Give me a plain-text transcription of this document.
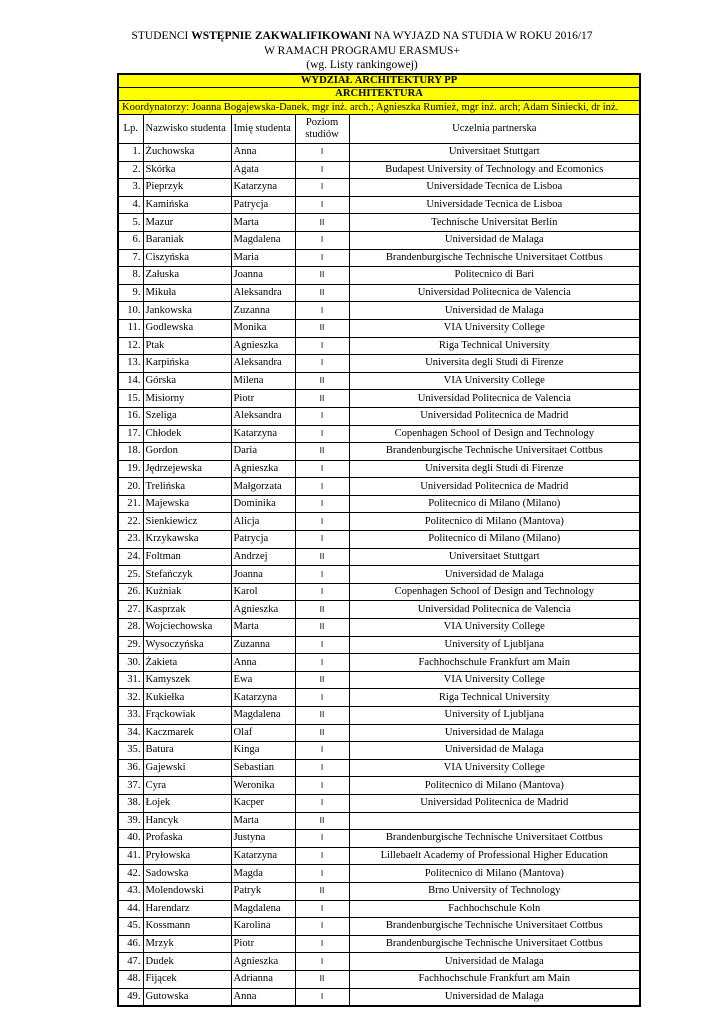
STUDENCI WSTĘPNIE ZAKWALIFIKOWANI NA WYJAZD NA STUDIA W ROKU 2016/17
W RAMACH PROGRAMU ERASMUS+
(wg. Listy rankingowej)
WYDZIAŁ ARCHITEKTURY PP				
ARCHITEKTURA				
Koordynatorzy: Joanna Bogajewska-Danek, mgr inż. arch.; Agnieszka Rumież, mgr inż. arch; Adam Siniecki, dr inż.				
Lp.	Nazwisko studenta	Imię studenta	Poziom studiów	Uczelnia partnerska
1.	Żuchowska	Anna	I	Universitaet Stuttgart
2.	Skórka	Agata	I	Budapest University of Technology and Ecomonics
3.	Pieprzyk	Katarzyna	I	Universidade Tecnica de Lisboa
4.	Kamińska	Patrycja	I	Universidade Tecnica de Lisboa
5.	Mazur	Marta	II	Technische Universitat Berlin
6.	Baraniak	Magdalena	I	Universidad de Malaga
7.	Ciszyńska	Maria	I	Brandenburgische Technische Universitaet Cottbus
8.	Załuska	Joanna	II	Politecnico di Bari
9.	Mikuła	Aleksandra	II	Universidad Politecnica de Valencia
10.	Jankowska	Zuzanna	I	Universidad de Malaga
11.	Godlewska	Monika	II	VIA University College
12.	Ptak	Agnieszka	I	Riga Technical University
13.	Karpińska	Aleksandra	I	Universita degli Studi di Firenze
14.	Górska	Milena	II	VIA University College
15.	Misiorny	Piotr	II	Universidad Politecnica de Valencia
16.	Szeliga	Aleksandra	I	Universidad Politecnica de Madrid
17.	Chłodek	Katarzyna	I	Copenhagen School of Design and Technology
18.	Gordon	Daria	II	Brandenburgische Technische Universitaet Cottbus
19.	Jędrzejewska	Agnieszka	I	Universita degli Studi di Firenze
20.	Trelińska	Małgorzata	I	Universidad Politecnica de Madrid
21.	Majewska	Dominika	I	Politecnico di Milano (Milano)
22.	Sienkiewicz	Alicja	I	Politecnico di Milano (Mantova)
23.	Krzykawska	Patrycja	I	Politecnico di Milano (Milano)
24.	Foltman	Andrzej	II	Universitaet Stuttgart
25.	Stefańczyk	Joanna	I	Universidad de Malaga
26.	Kuźniak	Karol	I	Copenhagen School of Design and Technology
27.	Kasprzak	Agnieszka	II	Universidad Politecnica de Valencia
28.	Wojciechowska	Marta	II	VIA University College
29.	Wysoczyńska	Zuzanna	I	University of Ljubljana
30.	Żakieta	Anna	I	Fachhochschule Frankfurt am Main
31.	Kamyszek	Ewa	II	VIA University College
32.	Kukiełka	Katarzyna	I	Riga Technical University
33.	Frąckowiak	Magdalena	II	University of Ljubljana
34.	Kaczmarek	Olaf	II	Universidad de Malaga
35.	Batura	Kinga	I	Universidad de Malaga
36.	Gajewski	Sebastian	I	VIA University College
37.	Cyra	Weronika	I	Politecnico di Milano (Mantova)
38.	Łojek	Kacper	I	Universidad Politecnica de Madrid
39.	Hancyk	Marta	II	
40.	Profaska	Justyna	I	Brandenburgische Technische Universitaet Cottbus
41.	Pryłowska	Katarzyna	I	Lillebaelt Academy of Professional Higher Education
42.	Sadowska	Magda	I	Politecnico di Milano (Mantova)
43.	Molendowski	Patryk	II	Brno University of Technology
44.	Harendarz	Magdalena	I	Fachhochschule Koln
45.	Kossmann	Karolina	I	Brandenburgische Technische Universitaet Cottbus
46.	Mrzyk	Piotr	I	Brandenburgische Technische Universitaet Cottbus
47.	Dudek	Agnieszka	I	Universidad de Malaga
48.	Fijącek	Adrianna	II	Fachhochschule Frankfurt am Main
49.	Gutowska	Anna	I	Universidad de Malaga
